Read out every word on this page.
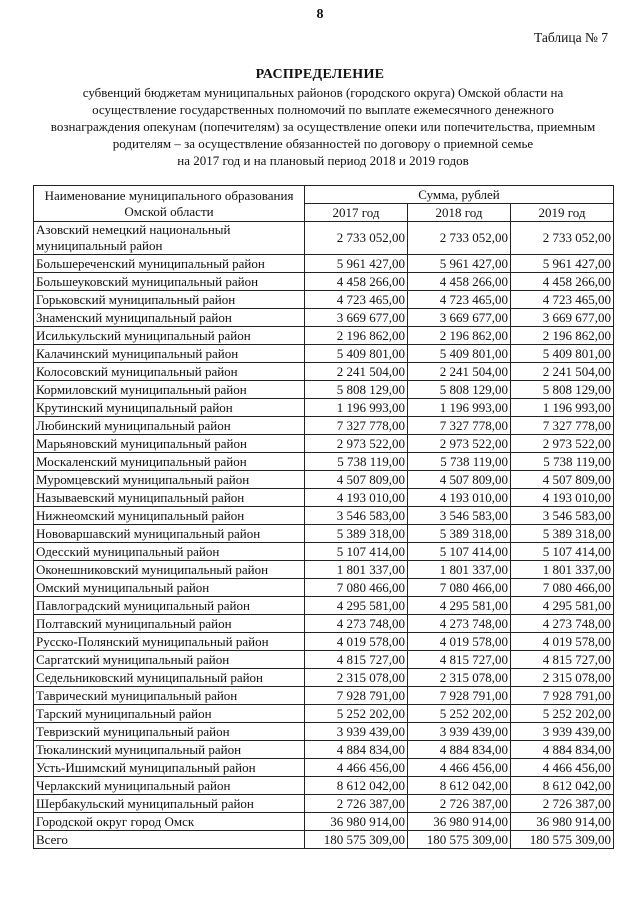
8
Таблица № 7
РАСПРЕДЕЛЕНИЕ
субвенций бюджетам муниципальных районов (городского округа) Омской области на
осуществление государственных полномочий по выплате ежемесячного денежного
вознаграждения опекунам (попечителям) за осуществление опеки или попечительства, приемным
родителям – за осуществление обязанностей по договору о приемной семье
на 2017 год и на плановый период 2018 и 2019 годов
Наименование муниципального образования
Омской области	Сумма, рублей		
	2017 год	2018 год	2019 год
Азовский немецкий национальный муниципальный район	2 733 052,00	2 733 052,00	2 733 052,00
Большереченский муниципальный район	5 961 427,00	5 961 427,00	5 961 427,00
Большеуковский муниципальный район	4 458 266,00	4 458 266,00	4 458 266,00
Горьковский муниципальный район	4 723 465,00	4 723 465,00	4 723 465,00
Знаменский муниципальный район	3 669 677,00	3 669 677,00	3 669 677,00
Исилькульский муниципальный район	2 196 862,00	2 196 862,00	2 196 862,00
Калачинский муниципальный район	5 409 801,00	5 409 801,00	5 409 801,00
Колосовский муниципальный район	2 241 504,00	2 241 504,00	2 241 504,00
Кормиловский муниципальный район	5 808 129,00	5 808 129,00	5 808 129,00
Крутинский муниципальный район	1 196 993,00	1 196 993,00	1 196 993,00
Любинский муниципальный район	7 327 778,00	7 327 778,00	7 327 778,00
Марьяновский муниципальный район	2 973 522,00	2 973 522,00	2 973 522,00
Москаленский муниципальный район	5 738 119,00	5 738 119,00	5 738 119,00
Муромцевский муниципальный район	4 507 809,00	4 507 809,00	4 507 809,00
Называевский муниципальный район	4 193 010,00	4 193 010,00	4 193 010,00
Нижнеомский муниципальный район	3 546 583,00	3 546 583,00	3 546 583,00
Нововаршавский муниципальный район	5 389 318,00	5 389 318,00	5 389 318,00
Одесский муниципальный район	5 107 414,00	5 107 414,00	5 107 414,00
Оконешниковский муниципальный район	1 801 337,00	1 801 337,00	1 801 337,00
Омский муниципальный район	7 080 466,00	7 080 466,00	7 080 466,00
Павлоградский муниципальный район	4 295 581,00	4 295 581,00	4 295 581,00
Полтавский муниципальный район	4 273 748,00	4 273 748,00	4 273 748,00
Русско-Полянский муниципальный район	4 019 578,00	4 019 578,00	4 019 578,00
Саргатский муниципальный район	4 815 727,00	4 815 727,00	4 815 727,00
Седельниковский муниципальный район	2 315 078,00	2 315 078,00	2 315 078,00
Таврический муниципальный район	7 928 791,00	7 928 791,00	7 928 791,00
Тарский муниципальный район	5 252 202,00	5 252 202,00	5 252 202,00
Тевризский муниципальный район	3 939 439,00	3 939 439,00	3 939 439,00
Тюкалинский муниципальный район	4 884 834,00	4 884 834,00	4 884 834,00
Усть-Ишимский муниципальный район	4 466 456,00	4 466 456,00	4 466 456,00
Черлакский муниципальный район	8 612 042,00	8 612 042,00	8 612 042,00
Шербакульский муниципальный район	2 726 387,00	2 726 387,00	2 726 387,00
Городской округ город Омск	36 980 914,00	36 980 914,00	36 980 914,00
Всего	180 575 309,00	180 575 309,00	180 575 309,00
